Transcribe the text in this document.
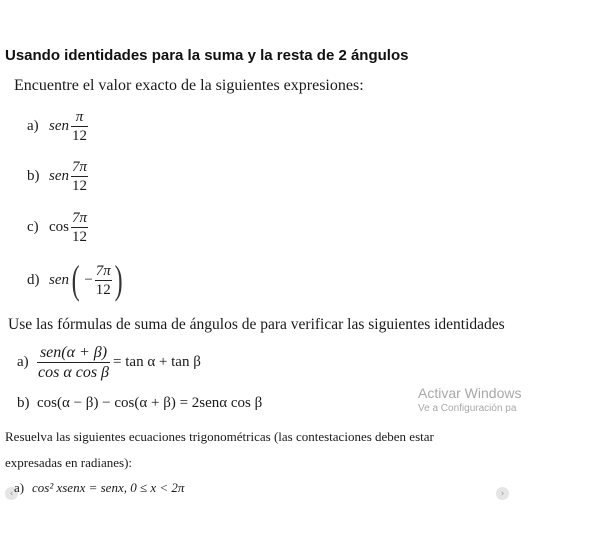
Usando identidades para la suma y la resta de 2 ángulos
Encuentre el valor exacto de la siguientes expresiones:
a) sen $\frac{\pi}{12}$
b) sen $\frac{7\pi}{12}$
c) $\cos \frac{7\pi}{12}$
d) sen ( − $\frac{7\pi}{12}$ )
Use las fórmulas de suma de ángulos de para verificar las siguientes identidades
$a) \frac{\text{sen(α + β)}}{\text{cos α cos β}} = \tan \alpha + \tan \beta$
b) cos(α − β) − cos(α + β) = 2senα cos β
Activar Windows
Ve a Configuración pa
Resuelva las siguientes ecuaciones trigonométricas (las contestaciones deben estar
expresadas en radianes):
‹ a) cos² xsenx = senx, 0 ≤ x < 2π	›
